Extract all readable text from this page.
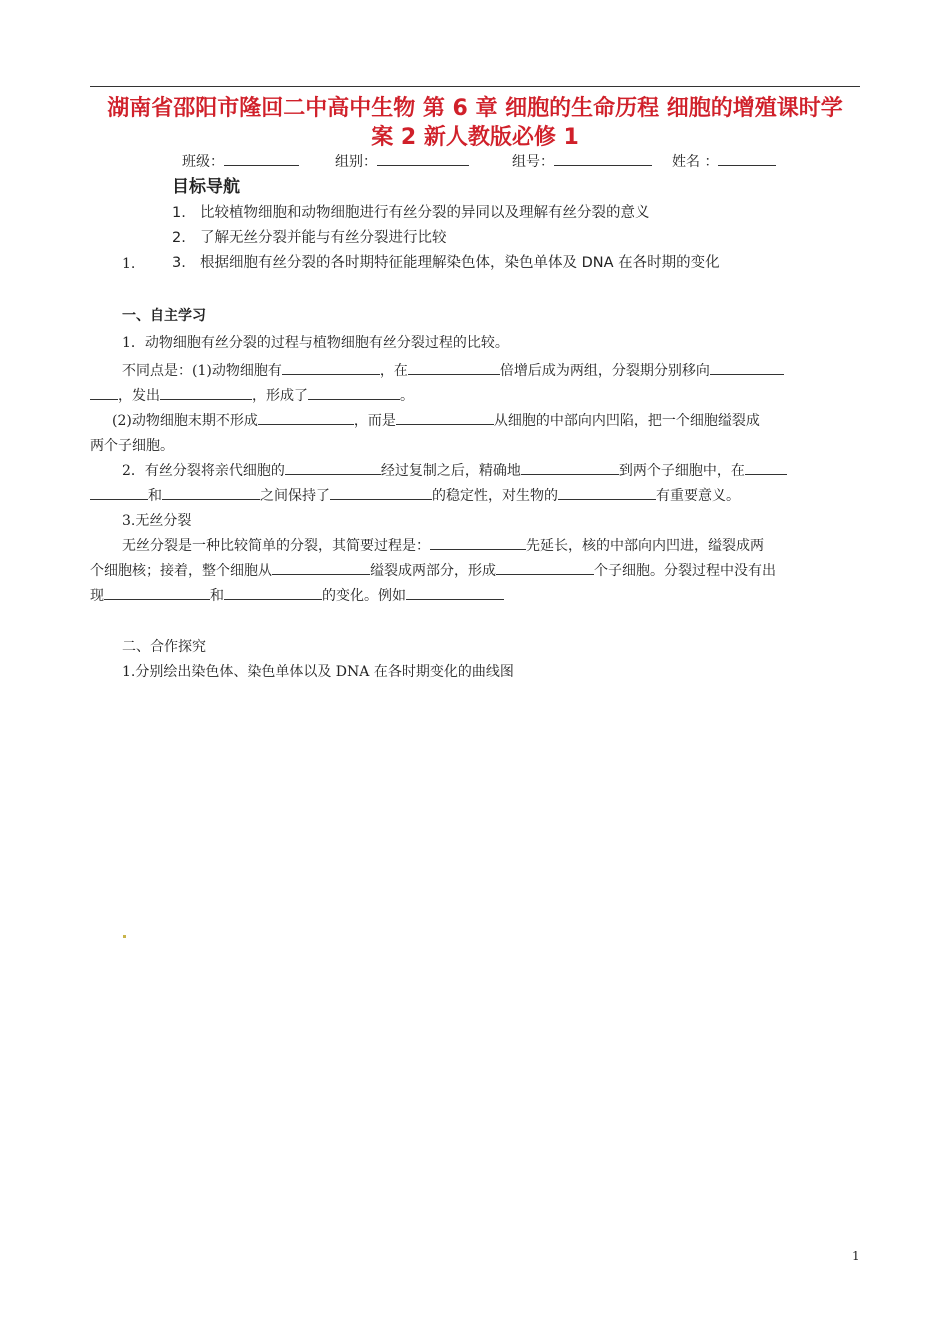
湖南省邵阳市隆回二中高中生物 第 6 章 细胞的生命历程 细胞的增殖课时学
案 2 新人教版必修 1
班级：	组别：	组号：	姓名 ：
目标导航
1. 比较植物细胞和动物细胞进行有丝分裂的异同以及理解有丝分裂的意义
2. 了解无丝分裂并能与有丝分裂进行比较
3. 根据细胞有丝分裂的各时期特征能理解染色体，染色单体及 DNA 在各时期的变化
1.
一、自主学习
1．动物细胞有丝分裂的过程与植物细胞有丝分裂过程的比较。
不同点是：(1)动物细胞有	，在	倍增后成为两组，分裂期分别移向
，发出	，形成了	。
(2)动物细胞末期不形成	，而是	从细胞的中部向内凹陷，把一个细胞缢裂成
两个子细胞。
2．有丝分裂将亲代细胞的	经过复制之后，精确地	到两个子细胞中，在
和	之间保持了	的稳定性，对生物的	有重要意义。
3.无丝分裂
无丝分裂是一种比较简单的分裂，其简要过程是：	先延长，核的中部向内凹进，缢裂成两
个细胞核；接着，整个细胞从	缢裂成两部分，形成	个子细胞。分裂过程中没有出
现	和	的变化。例如
二、合作探究
1.分别绘出染色体、染色单体以及 DNA 在各时期变化的曲线图
1
